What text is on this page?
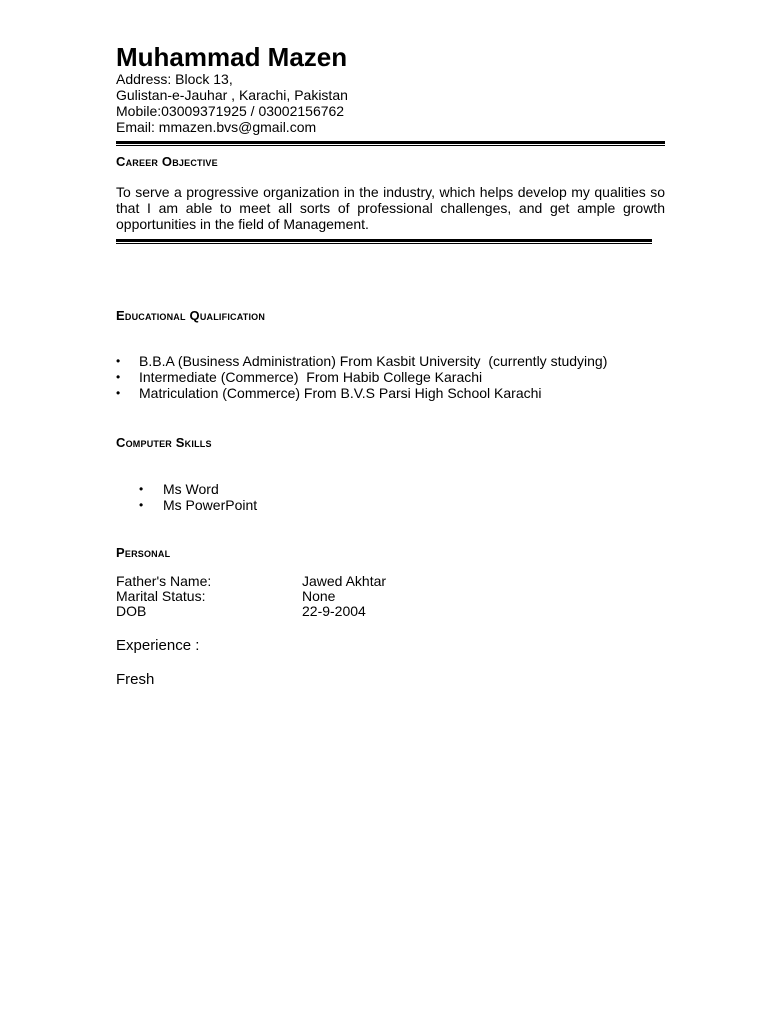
Muhammad Mazen
Address: Block 13,
Gulistan-e-Jauhar , Karachi, Pakistan
Mobile:03009371925 / 03002156762
Email: mmazen.bvs@gmail.com
Career Objective
To serve a progressive organization in the industry, which helps develop my qualities so that I am able to meet all sorts of professional challenges, and get ample growth opportunities in the field of Management.
Educational Qualification
• B.B.A (Business Administration) From Kasbit University  (currently studying)
• Intermediate (Commerce)  From Habib College Karachi
• Matriculation (Commerce) From B.V.S Parsi High School Karachi
Computer Skills
• Ms Word
• Ms PowerPoint
Personal
Father's Name:	Jawed Akhtar
Marital Status:	None
DOB	22-9-2004
Experience :
Fresh
